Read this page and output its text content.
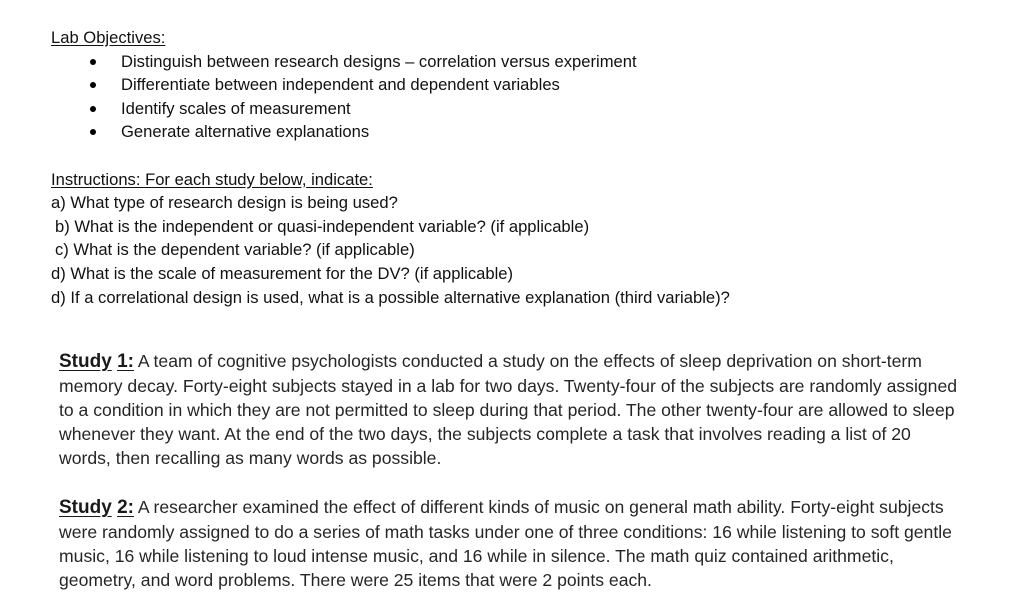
Lab Objectives:
Distinguish between research designs – correlation versus experiment
Differentiate between independent and dependent variables
Identify scales of measurement
Generate alternative explanations
Instructions: For each study below, indicate:
a) What type of research design is being used?
b) What is the independent or quasi-independent variable? (if applicable)
c) What is the dependent variable? (if applicable)
d) What is the scale of measurement for the DV? (if applicable)
d) If a correlational design is used, what is a possible alternative explanation (third variable)?
Study 1: A team of cognitive psychologists conducted a study on the effects of sleep deprivation on short-term memory decay. Forty-eight subjects stayed in a lab for two days. Twenty-four of the subjects are randomly assigned to a condition in which they are not permitted to sleep during that period. The other twenty-four are allowed to sleep whenever they want. At the end of the two days, the subjects complete a task that involves reading a list of 20 words, then recalling as many words as possible.
Study 2: A researcher examined the effect of different kinds of music on general math ability. Forty-eight subjects were randomly assigned to do a series of math tasks under one of three conditions: 16 while listening to soft gentle music, 16 while listening to loud intense music, and 16 while in silence. The math quiz contained arithmetic, geometry, and word problems. There were 25 items that were 2 points each.
